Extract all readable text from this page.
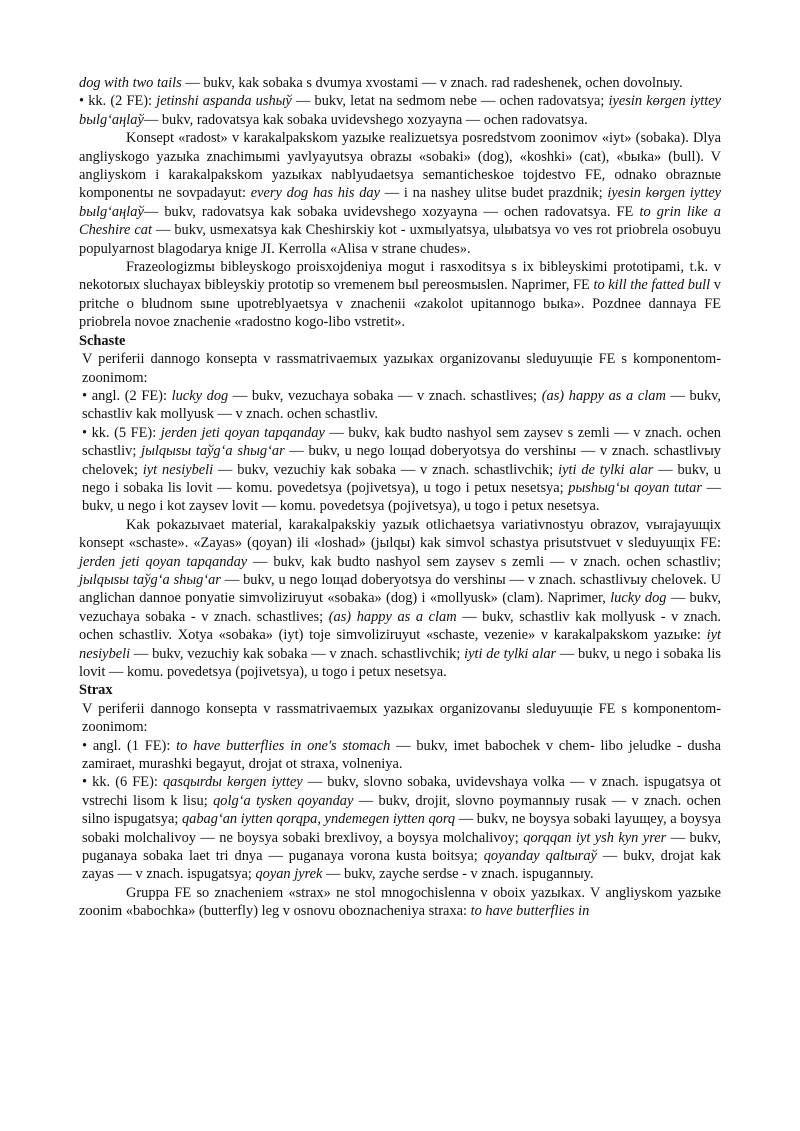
dog with two tails — bukv, kak sobaka s dvumya xvostami — v znach. rad radeshenek, ochen dovolnыy.

• kk. (2 FE): jetinshi aspanda ushыў — bukv, letat na sedmom nebe — ochen radovatsya; iyesin kөrgen iyttey bыlg‘aңlaў— bukv, radovatsya kak sobaka uvidevshego xozyayna — ochen radovatsya.

Konsept «radost» v karakalpakskom yazыke realizuetsya posredstvom zoonimov «iyt» (sobaka). Dlya angliyskogo yazыka znachimыmi yavlyayutsya obrazы «sobaki» (dog), «koshki» (cat), «bыka» (bull). V angliyskom i karakalpakskom yazыkax nablyudaetsya semanticheskoe tojdestvo FE, odnako obraznыe komponentы ne sovpadayut: every dog has his day — i na nashey ulitse budet prazdnik; iyesin kөrgen iyttey bыlg‘aңlaў— bukv, radovatsya kak sobaka uvidevshego xozyayna — ochen radovatsya. FE to grin like a Cheshire cat — bukv, usmexatsya kak Cheshirskiy kot - uxmыlyatsya, ulыbatsya vo ves rot priobrela osobuyu populyarnost blagodarya knige JI. Kerrolla «Alisa v strane chudes».

Frazeologizmы bibleyskogo proisxojdeniya mogut i rasxoditsya s ix bibleyskimi prototipami, t.k. v nekotorыx sluchayax bibleyskiy prototip so vremenem bыl pereosmыslen. Naprimer, FE to kill the fatted bull v pritche o bludnom sыne upotreblyaetsya v znachenii «zakolot upitannogo bыka». Pozdnee dannaya FE priobrela novoe znachenie «radostno kogo-libo vstretit».

Schaste

V periferii dannogo konsepta v rassmatrivaemыx yazыkax organizovanы sleduyuщie FE s komponentom-zoonimom:

• angl. (2 FE): lucky dog — bukv, vezuchaya sobaka — v znach. schastlives; (as) happy as a clam — bukv, schastliv kak mollyusk — v znach. ochen schastliv.

• kk. (5 FE): jerden jeti qoyan tapqanday — bukv, kak budto nashyol sem zaysev s zemli — v znach. ochen schastliv; jыlqыsы taўg‘a shыg‘ar — bukv, u nego loщad doberyotsya do vershinы — v znach. schastlivыy chelovek; iyt nesiybeli — bukv, vezuchiy kak sobaka — v znach. schastlivchik; iyti de tylki alar — bukv, u nego i sobaka lis lovit — komu. povedetsya (pojivetsya), u togo i petux nesetsya; pыshыg‘ы qoyan tutar — bukv, u nego i kot zaysev lovit — komu. povedetsya (pojivetsya), u togo i petux nesetsya.

Kak pokazыvaet material, karakalpakskiy yazыk otlichaetsya variativnostyu obrazov, vыrajayuщix konsept «schaste». «Zayas» (qoyan) ili «loshad» (jыlqы) kak simvol schastya prisutstvuet v sleduyuщix FE: jerden jeti qoyan tapqanday — bukv, kak budto nashyol sem zaysev s zemli — v znach. ochen schastliv; jыlqыsы taўg‘a shыg‘ar — bukv, u nego loщad doberyotsya do vershinы — v znach. schastlivыy chelovek. U anglichan dannoe ponyatie simvoliziruyut «sobaka» (dog) i «mollyusk» (clam). Naprimer, lucky dog — bukv, vezuchaya sobaka - v znach. schastlives; (as) happy as a clam — bukv, schastliv kak mollyusk - v znach. ochen schastliv. Xotya «sobaka» (iyt) toje simvoliziruyut «schaste, vezenie» v karakalpakskom yazыke: iyt nesiybeli — bukv, vezuchiy kak sobaka — v znach. schastlivchik; iyti de tylki alar — bukv, u nego i sobaka lis lovit — komu. povedetsya (pojivetsya), u togo i petux nesetsya.

Strax

V periferii dannogo konsepta v rassmatrivaemыx yazыkax organizovanы sleduyuщie FE s komponentom-zoonimom:

• angl. (1 FE): to have butterflies in one's stomach — bukv, imet babochek v chem- libo jeludke - dusha zamiraet, murashki begayut, drojat ot straxa, volneniya.

• kk. (6 FE): qasqыrdы kөrgen iyttey — bukv, slovno sobaka, uvidevshaya volka — v znach. ispugatsya ot vstrechi lisom k lisu; qolg‘a tysken qoyanday — bukv, drojit, slovno poymannыy rusak — v znach. ochen silno ispugatsya; qabag‘an iytten qorqpa, yndemegen iytten qorq — bukv, ne boysya sobaki layuщey, a boysya sobaki molchalivoy — ne boysya sobaki brexlivoy, a boysya molchalivoy; qorqqan iyt ysh kyn yrer — bukv, puganaya sobaka laet tri dnya — puganaya vorona kusta boitsya; qoyanday qaltыraў — bukv, drojat kak zayas — v znach. ispugatsya; qoyan jyrek — bukv, zayche serdse - v znach. ispugannыy.

Gruppa FE so znacheniem «strax» ne stol mnogochislenna v oboix yazыkax. V angliyskom yazыke zoonim «babochka» (butterfly) leg v osnovu oboznacheniya straxa: to have butterflies in
